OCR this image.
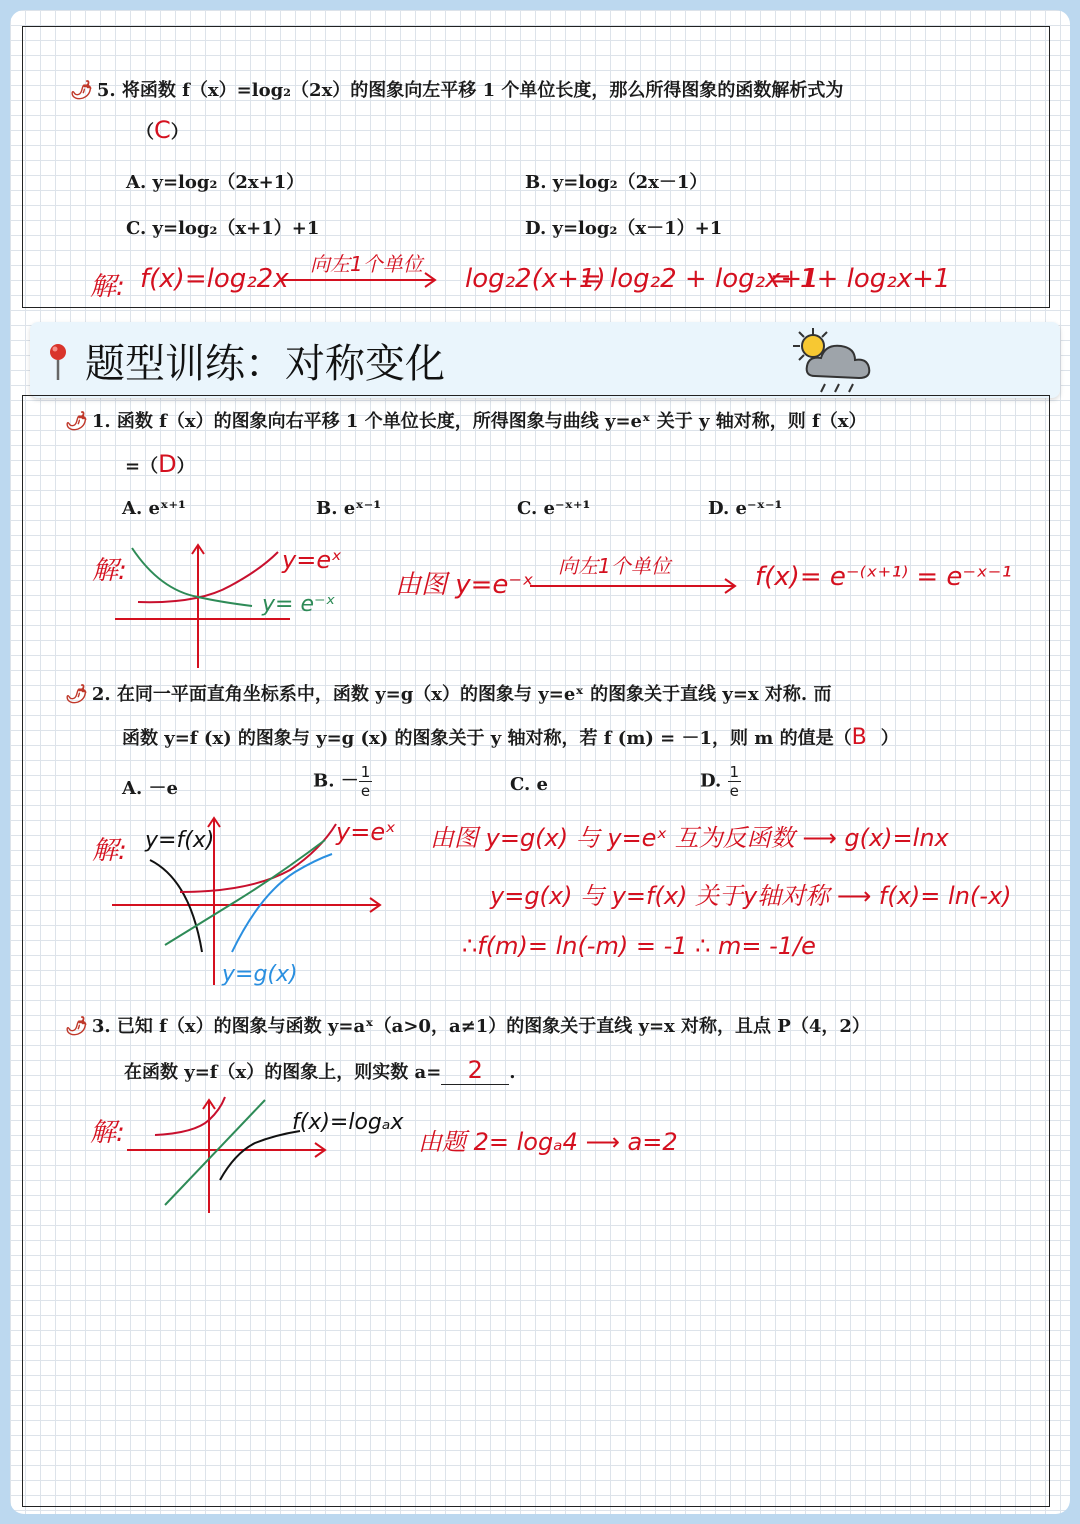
🌶 5. 将函数 f（x）=log₂（2x）的图象向左平移 1 个单位长度，那么所得图象的函数解析式为
（C）
A. y=log₂（2x+1）	B. y=log₂（2x－1）
C. y=log₂（x+1）+1	D. y=log₂（x－1）+1
解: f(x)=log₂2x 向左1个单位 log₂2(x+1)
= log₂2 + log₂x+1
= 1+ log₂x+1
题型训练：对称变化
🌶 1. 函数 f（x）的图象向右平移 1 个单位长度，所得图象与曲线 y=eˣ 关于 y 轴对称，则 f（x）
=（D）
A. eˣ⁺¹	B. eˣ⁻¹	C. e⁻ˣ⁺¹	D. e⁻ˣ⁻¹
解:	y=eˣ
y= e⁻ˣ
由图 y=e⁻ˣ
向左1个单位	f(x)= e⁻⁽ˣ⁺¹⁾ = e⁻ˣ⁻¹
🌶 2. 在同一平面直角坐标系中，函数 y=g（x）的图象与 y=eˣ 的图象关于直线 y=x 对称. 而
函数 y=f (x) 的图象与 y=g (x) 的图象关于 y 轴对称，若 f (m) = －1，则 m 的值是（B ）
A. －e	B. － $\frac{1}{e}$	C. e	D. $\frac{1}{e}$
解: y=f(x)	y=eˣ
y=g(x)
由图 y=g(x) 与 y=eˣ 互为反函数 ⟶ g(x)=lnx
y=g(x) 与 y=f(x) 关于y轴对称 ⟶ f(x)= ln(-x)
∴f(m)= ln(-m) = -1 ∴ m= -1/e
🌶 3. 已知 f（x）的图象与函数 y=aˣ（a>0，a≠1）的图象关于直线 y=x 对称，且点 P（4，2）
在函数 y=f（x）的图象上，则实数 a= 2 .
解:	f(x)=logₐx
由题 2= logₐ4 ⟶ a=2
